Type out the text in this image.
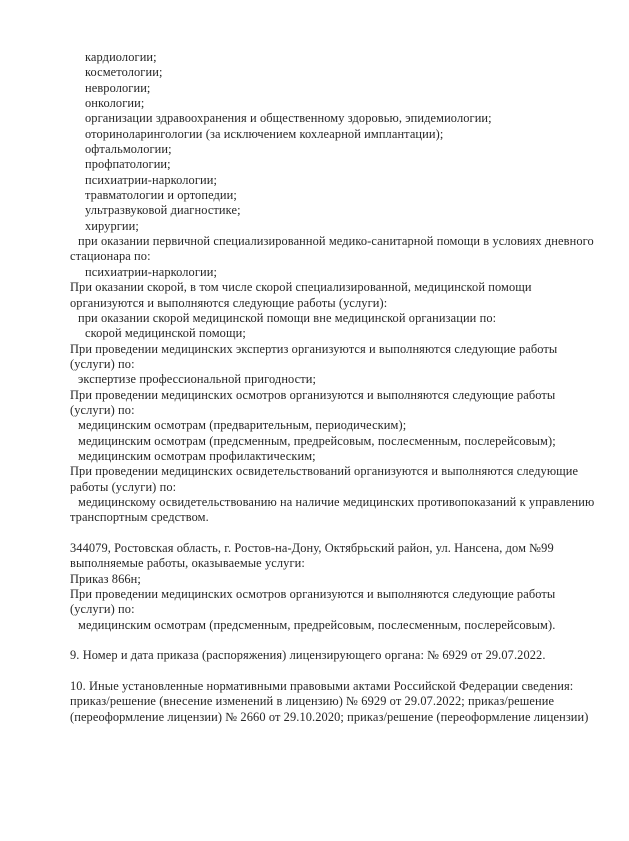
кардиологии;
косметологии;
неврологии;
онкологии;
организации здравоохранения и общественному здоровью, эпидемиологии;
оториноларингологии (за исключением кохлеарной имплантации);
офтальмологии;
профпатологии;
психиатрии-наркологии;
травматологии и ортопедии;
ультразвуковой диагностике;
хирургии;
при оказании первичной специализированной медико-санитарной помощи в условиях дневного
стационара по:
психиатрии-наркологии;
При оказании скорой, в том числе скорой специализированной, медицинской помощи
организуются и выполняются следующие работы (услуги):
при оказании скорой медицинской помощи вне медицинской организации по:
скорой медицинской помощи;
При проведении медицинских экспертиз организуются и выполняются следующие работы
(услуги) по:
экспертизе профессиональной пригодности;
При проведении медицинских осмотров организуются и выполняются следующие работы
(услуги) по:
медицинским осмотрам (предварительным, периодическим);
медицинским осмотрам (предсменным, предрейсовым, послесменным, послерейсовым);
медицинским осмотрам профилактическим;
При проведении медицинских освидетельствований организуются и выполняются следующие
работы (услуги) по:
медицинскому освидетельствованию на наличие медицинских противопоказаний к управлению
транспортным средством.

344079, Ростовская область, г. Ростов-на-Дону, Октябрьский район, ул. Нансена, дом №99
выполняемые работы, оказываемые услуги:
Приказ 866н;
При проведении медицинских осмотров организуются и выполняются следующие работы
(услуги) по:
медицинским осмотрам (предсменным, предрейсовым, послесменным, послерейсовым).

9. Номер и дата приказа (распоряжения) лицензирующего органа: № 6929 от 29.07.2022.

10. Иные установленные нормативными правовыми актами Российской Федерации сведения:
приказ/решение (внесение изменений в лицензию) № 6929 от 29.07.2022; приказ/решение
(переоформление лицензии) № 2660 от 29.10.2020; приказ/решение (переоформление лицензии)
